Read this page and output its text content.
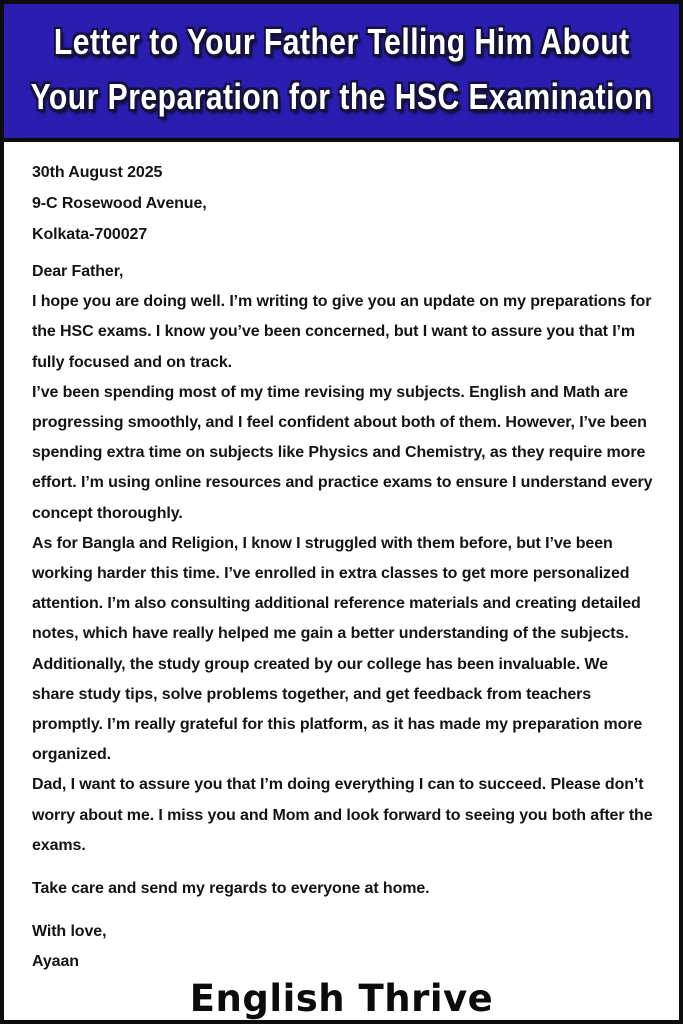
Letter to Your Father Telling Him About
Your Preparation for the HSC Examination

30th August 2025

9-C Rosewood Avenue,

Kolkata-700027

Dear Father,

I hope you are doing well. I’m writing to give you an update on my preparations for the HSC exams. I know you’ve been concerned, but I want to assure you that I’m fully focused and on track.

I’ve been spending most of my time revising my subjects. English and Math are progressing smoothly, and I feel confident about both of them. However, I’ve been spending extra time on subjects like Physics and Chemistry, as they require more effort. I’m using online resources and practice exams to ensure I understand every concept thoroughly.

As for Bangla and Religion, I know I struggled with them before, but I’ve been working harder this time. I’ve enrolled in extra classes to get more personalized attention. I’m also consulting additional reference materials and creating detailed notes, which have really helped me gain a better understanding of the subjects.

Additionally, the study group created by our college has been invaluable. We share study tips, solve problems together, and get feedback from teachers promptly. I’m really grateful for this platform, as it has made my preparation more organized.

Dad, I want to assure you that I’m doing everything I can to succeed. Please don’t worry about me. I miss you and Mom and look forward to seeing you both after the exams.

Take care and send my regards to everyone at home.

With love,

Ayaan

English Thrive
